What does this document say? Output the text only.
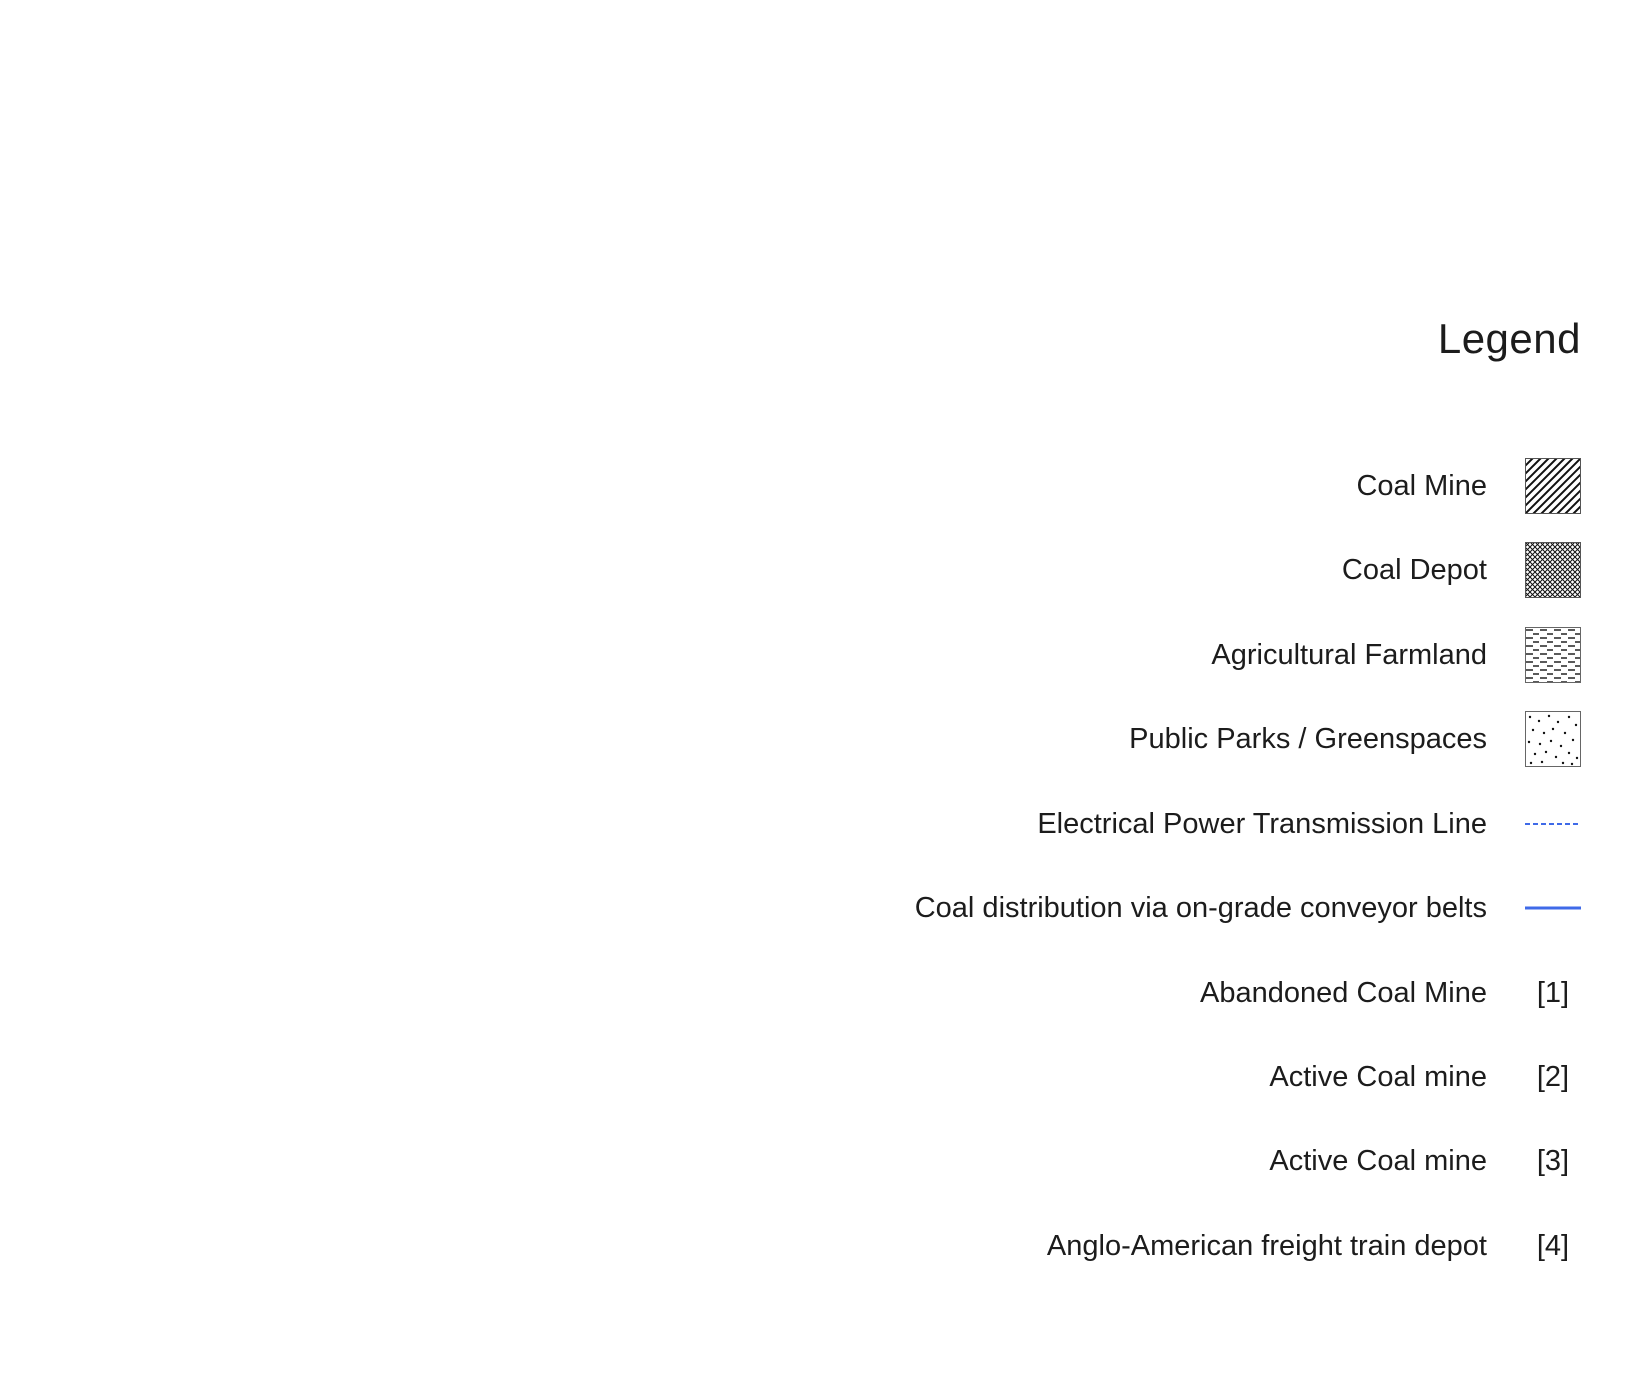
Legend
Coal Mine
Coal Depot
Agricultural Farmland
Public Parks / Greenspaces
Electrical Power Transmission Line
Coal distribution via on-grade conveyor belts
Abandoned Coal Mine [1]
Active Coal mine [2]
Active Coal mine [3]
Anglo-American freight train depot [4]
